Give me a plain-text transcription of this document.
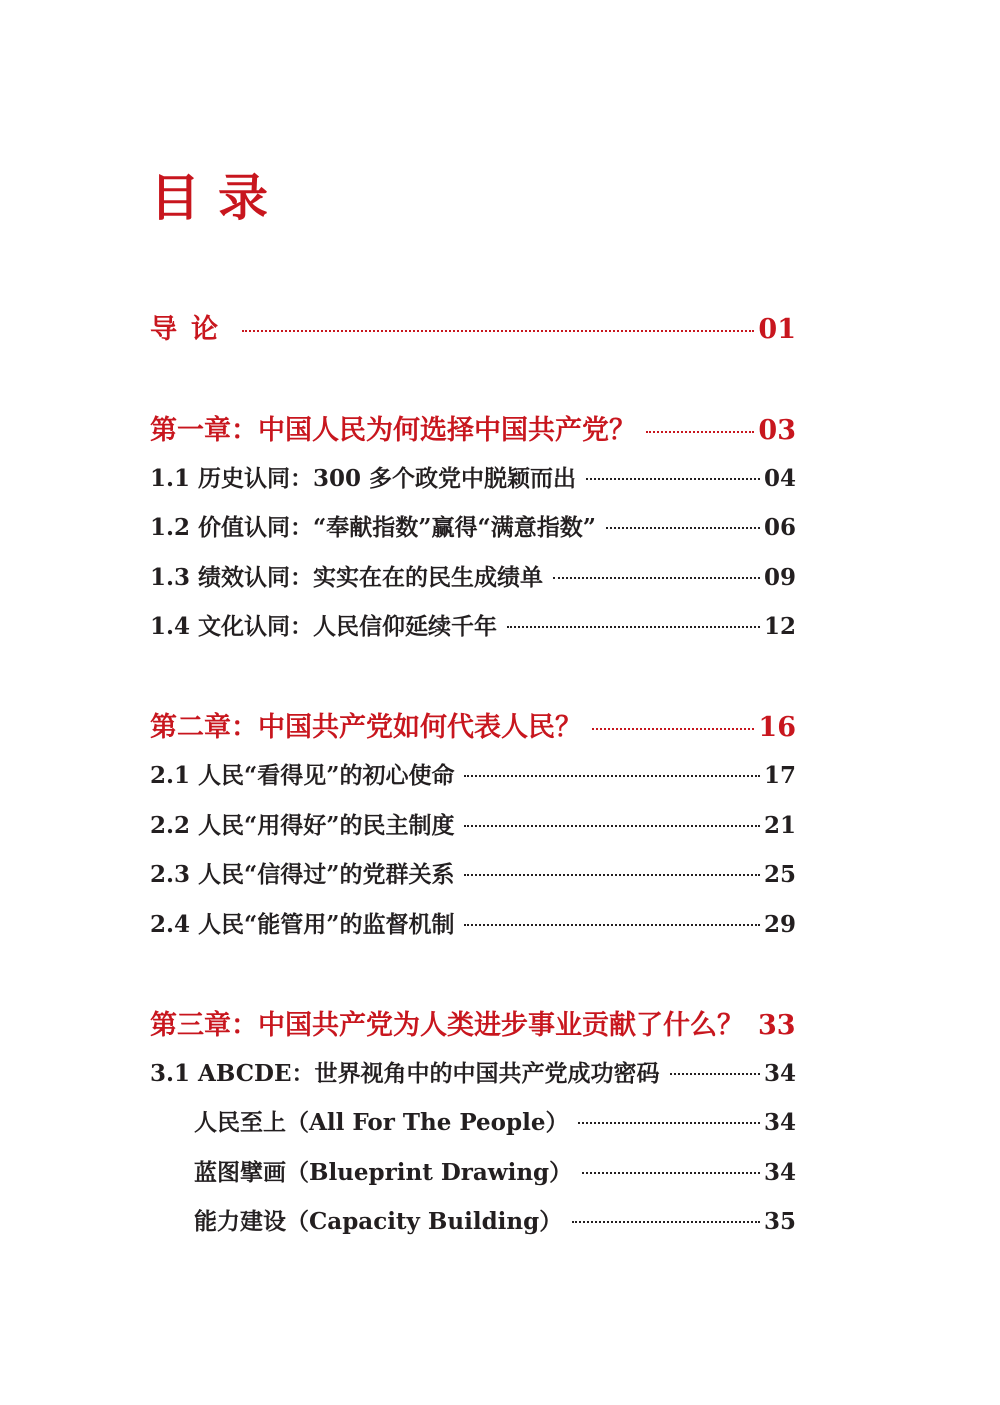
目录
导论	01
第一章：中国人民为何选择中国共产党？	03
1.1 历史认同：300 多个政党中脱颖而出	04
1.2 价值认同：“奉献指数”赢得“满意指数”	06
1.3 绩效认同：实实在在的民生成绩单	09
1.4 文化认同：人民信仰延续千年	12
第二章：中国共产党如何代表人民？	16
2.1 人民“看得见”的初心使命	17
2.2 人民“用得好”的民主制度	21
2.3 人民“信得过”的党群关系	25
2.4 人民“能管用”的监督机制	29
第三章：中国共产党为人类进步事业贡献了什么？ 33
3.1 ABCDE：世界视角中的中国共产党成功密码	34
人民至上（All For The People）	34
蓝图擘画（Blueprint Drawing）	34
能力建设（Capacity Building）	35
